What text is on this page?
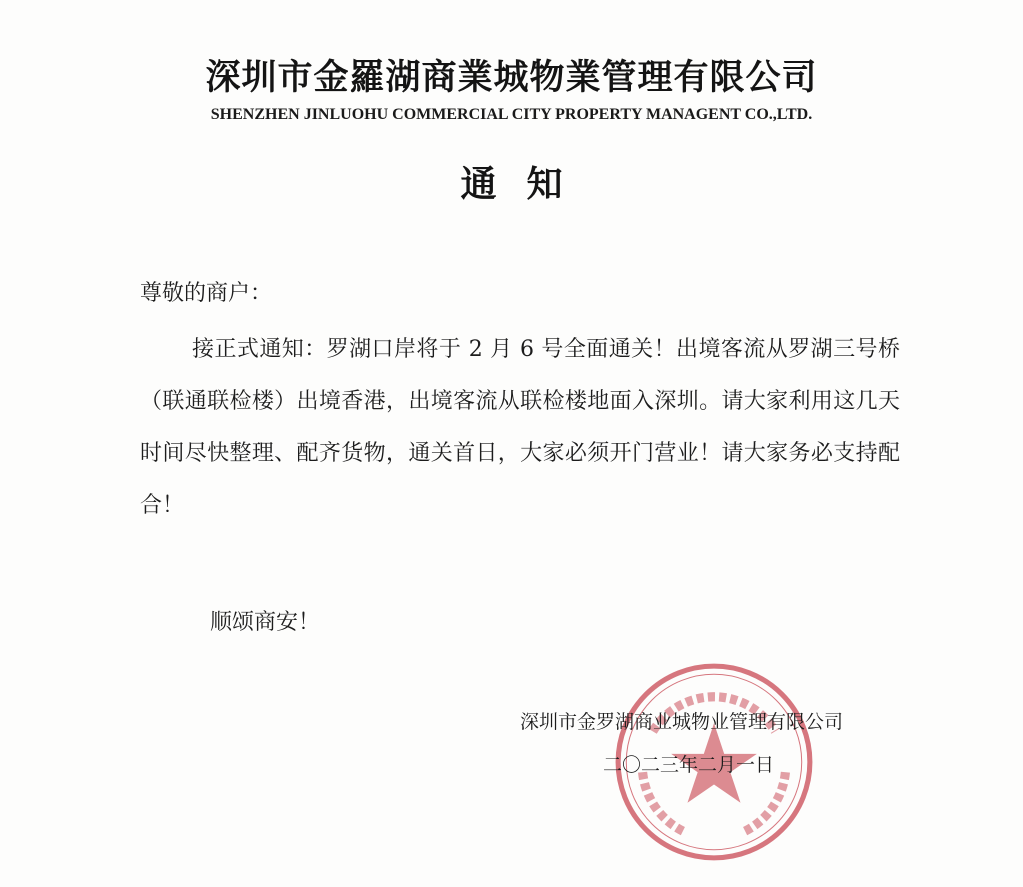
深圳市金羅湖商業城物業管理有限公司
SHENZHEN JINLUOHU COMMERCIAL CITY PROPERTY MANAGENT CO.,LTD.
通知
尊敬的商户：
接正式通知：罗湖口岸将于 2 月 6 号全面通关！出境客流从罗湖三号桥（联通联检楼）出境香港，出境客流从联检楼地面入深圳。请大家利用这几天时间尽快整理、配齐货物，通关首日，大家必须开门营业！请大家务必支持配合！
顺颂商安！
深圳市金罗湖商业城物业管理有限公司
二〇二三年二月一日
